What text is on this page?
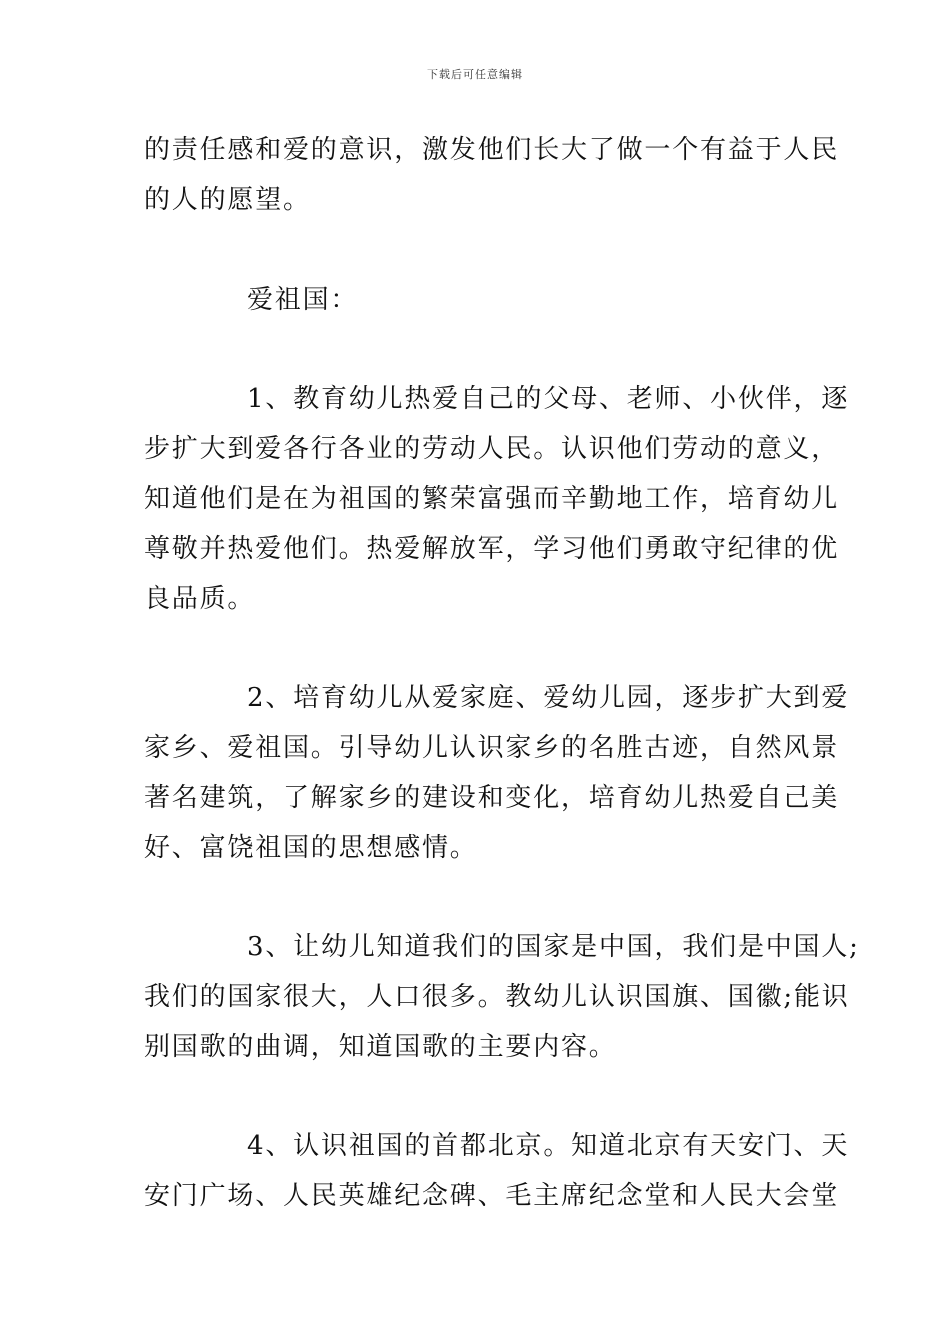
下载后可任意编辑
的责任感和爱的意识，激发他们长大了做一个有益于人民
的人的愿望。
爱祖国：
1、教育幼儿热爱自己的父母、老师、小伙伴，逐
步扩大到爱各行各业的劳动人民。认识他们劳动的意义，
知道他们是在为祖国的繁荣富强而辛勤地工作，培育幼儿
尊敬并热爱他们。热爱解放军，学习他们勇敢守纪律的优
良品质。
2、培育幼儿从爱家庭、爱幼儿园，逐步扩大到爱
家乡、爱祖国。引导幼儿认识家乡的名胜古迹，自然风景
著名建筑，了解家乡的建设和变化，培育幼儿热爱自己美
好、富饶祖国的思想感情。
3、让幼儿知道我们的国家是中国，我们是中国人;
我们的国家很大，人口很多。教幼儿认识国旗、国徽;能识
别国歌的曲调，知道国歌的主要内容。
4、认识祖国的首都北京。知道北京有天安门、天
安门广场、人民英雄纪念碑、毛主席纪念堂和人民大会堂
